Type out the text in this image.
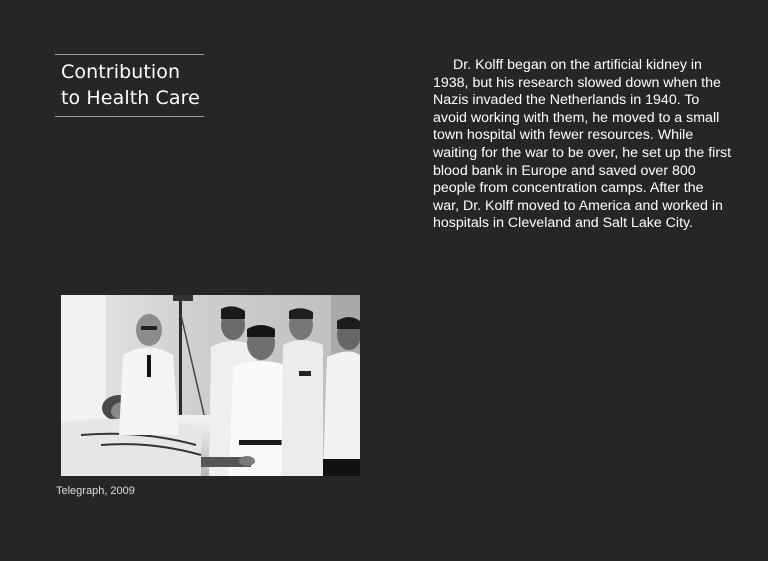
Contribution to Health Care

Dr. Kolff began on the artificial kidney in 1938, but his research slowed down when the Nazis invaded the Netherlands in 1940. To avoid working with them, he moved to a small town hospital with fewer resources. While waiting for the war to be over, he set up the first blood bank in Europe and saved over 800 people from concentration camps. After the war, Dr. Kolff moved to America and worked in hospitals in Cleveland and Salt Lake City.

Telegraph, 2009
